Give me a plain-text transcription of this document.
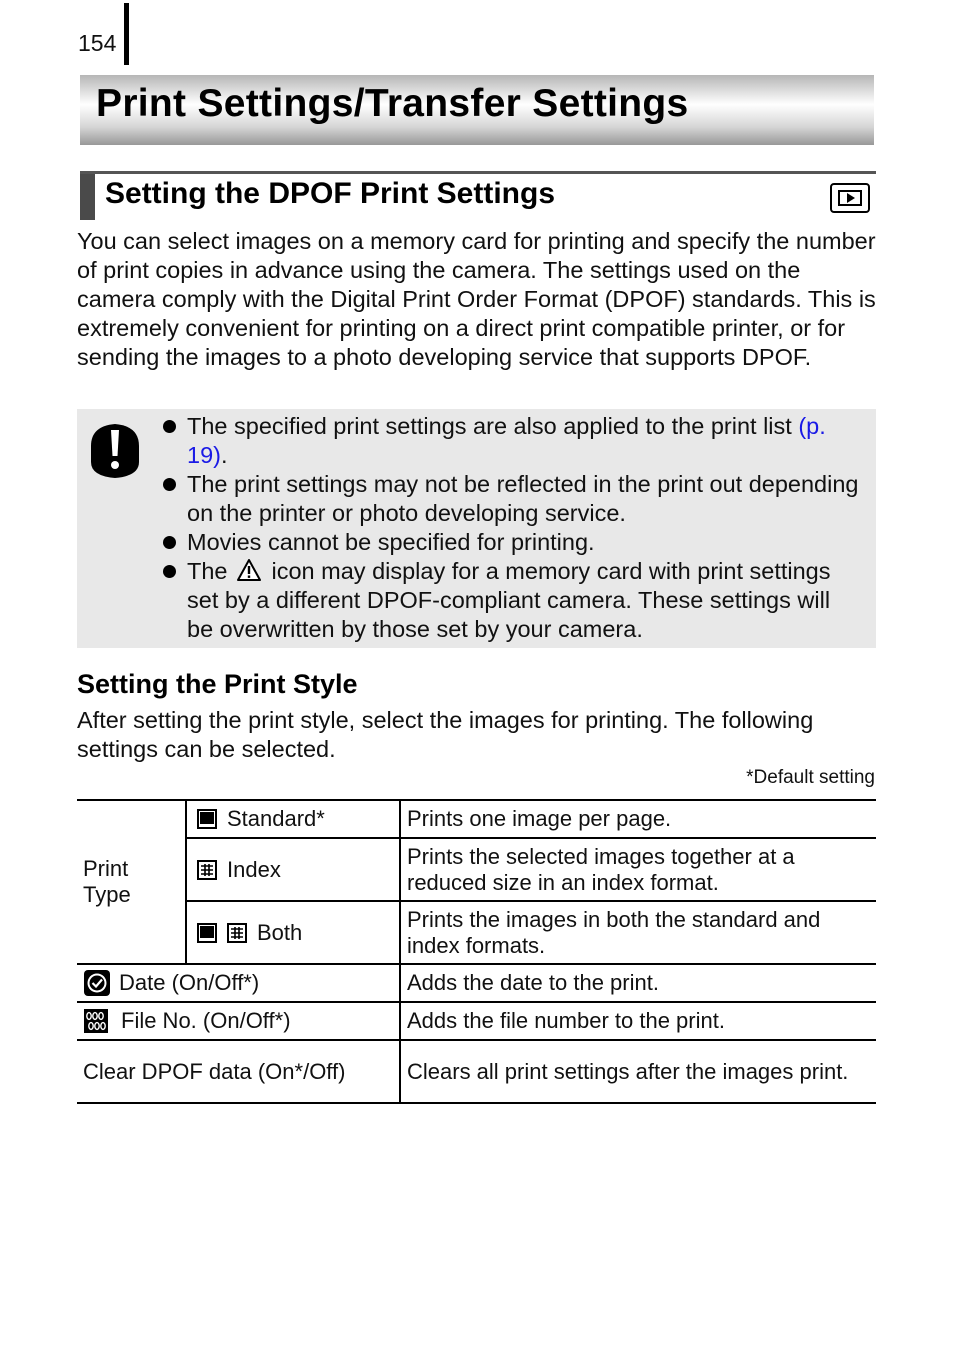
154
Print Settings/Transfer Settings
Setting the DPOF Print Settings

You can select images on a memory card for printing and specify the number of print copies in advance using the camera. The settings used on the camera comply with the Digital Print Order Format (DPOF) standards. This is extremely convenient for printing on a direct print compatible printer, or for sending the images to a photo developing service that supports DPOF.

The specified print settings are also applied to the print list (p. 19).
The print settings may not be reflected in the print out depending on the printer or photo developing service.
Movies cannot be specified for printing.
The icon may display for a memory card with print settings set by a different DPOF-compliant camera. These settings will be overwritten by those set by your camera.
Setting the Print Style

After setting the print style, select the images for printing. The following settings can be selected.

*Default setting
Print Type	Standard*	Prints one image per page.
	Index	Prints the selected images together at a reduced size in an index format.
	Both	Prints the images in both the standard and index formats.
Date (On/Off*)		Adds the date to the print.
File No. (On/Off*)		Adds the file number to the print.
Clear DPOF data (On*/Off)		Clears all print settings after the images print.
